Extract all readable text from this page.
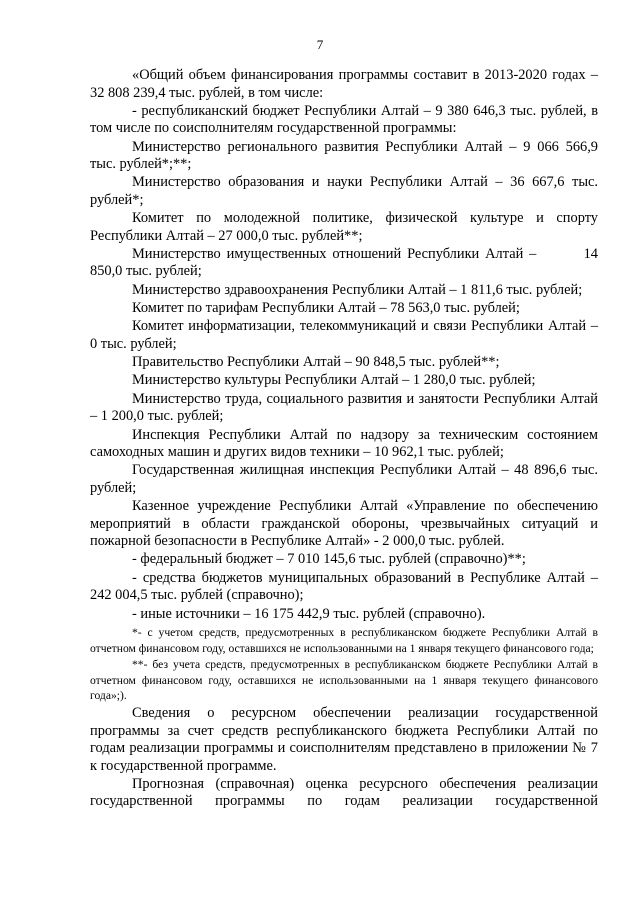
7

«Общий объем финансирования программы составит в 2013-2020 годах – 32 808 239,4 тыс. рублей, в том числе:

- республиканский бюджет Республики Алтай – 9 380 646,3 тыс. рублей, в том числе по соисполнителям государственной программы:

Министерство регионального развития Республики Алтай – 9 066 566,9 тыс. рублей*;**;

Министерство образования и науки Республики Алтай – 36 667,6 тыс. рублей*;

Комитет по молодежной политике, физической культуре и спорту Республики Алтай – 27 000,0 тыс. рублей**;

Министерство имущественных отношений Республики Алтай –        14 850,0 тыс. рублей;

Министерство здравоохранения Республики Алтай – 1 811,6 тыс. рублей;

Комитет по тарифам Республики Алтай – 78 563,0 тыс. рублей;

Комитет информатизации, телекоммуникаций и связи Республики Алтай – 0 тыс. рублей;

Правительство Республики Алтай – 90 848,5 тыс. рублей**;

Министерство культуры Республики Алтай – 1 280,0 тыс. рублей;

Министерство труда, социального развития и занятости Республики Алтай – 1 200,0 тыс. рублей;

Инспекция Республики Алтай по надзору за техническим состоянием самоходных машин и других видов техники – 10 962,1 тыс. рублей;

Государственная жилищная инспекция Республики Алтай – 48 896,6 тыс. рублей;

Казенное учреждение Республики Алтай «Управление по обеспечению мероприятий в области гражданской обороны, чрезвычайных ситуаций и пожарной безопасности в Республике Алтай» - 2 000,0 тыс. рублей.

- федеральный бюджет – 7 010 145,6 тыс. рублей (справочно)**;

- средства бюджетов муниципальных образований в Республике Алтай – 242 004,5 тыс. рублей (справочно);

- иные источники – 16 175 442,9 тыс. рублей (справочно).

*- с учетом средств, предусмотренных в республиканском бюджете Республики Алтай в отчетном финансовом году, оставшихся не использованными на 1 января текущего финансового года;

**- без учета средств, предусмотренных в республиканском бюджете Республики Алтай в отчетном финансовом году, оставшихся не использованными на 1 января текущего финансового года»;).

Сведения о ресурсном обеспечении реализации государственной программы за счет средств республиканского бюджета Республики Алтай по годам реализации программы и соисполнителям представлено в приложении № 7 к государственной программе.

Прогнозная (справочная) оценка ресурсного обеспечения реализации государственной программы по годам реализации государственной
